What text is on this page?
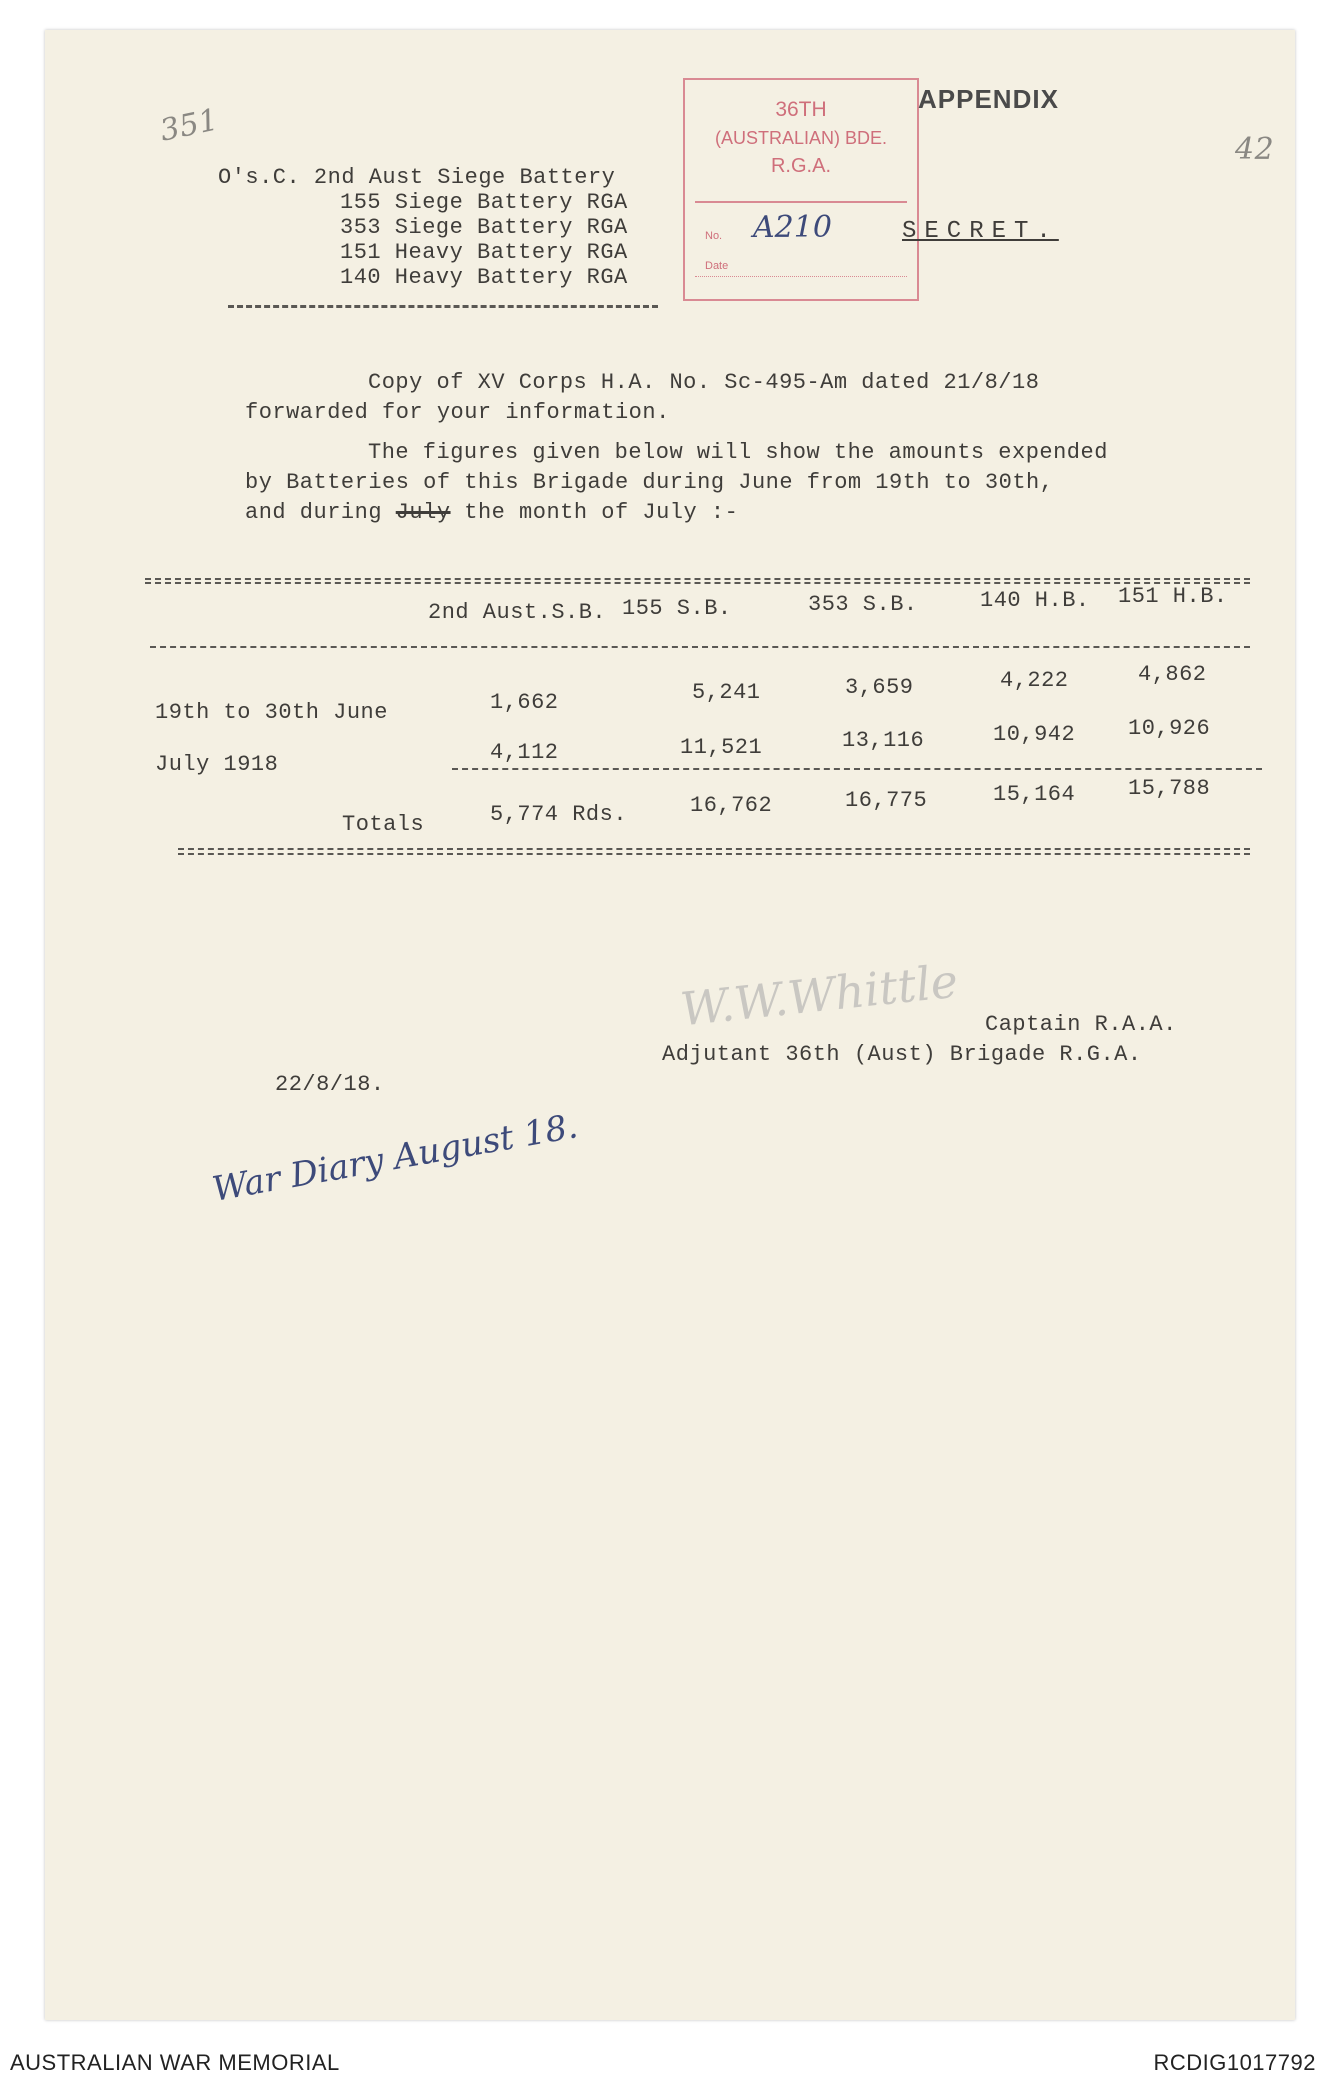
351
42
36TH
(AUSTRALIAN) BDE.
R.G.A.
No. A210
Date
APPENDIX
O's.C. 2nd Aust Siege Battery
155 Siege Battery RGA
353 Siege Battery RGA
151 Heavy Battery RGA
140 Heavy Battery RGA
SECRET.
Copy of XV Corps H.A. No. Sc-495-Am dated 21/8/18
forwarded for your information.
The figures given below will show the amounts expended
by Batteries of this Brigade during June from 19th to 30th,
and during July the month of July :-
2nd Aust.S.B. 155 S.B.	353 S.B.	140 H.B. 151 H.B.
19th to 30th June	1,662	5,241	3,659	4,222	4,862
July 1918	4,112	11,521	13,116	10,942 10,926
Totals	5,774 Rds.	16,762	16,775	15,164 15,788
W.W.Whittle Captain R.A.A.
Adjutant 36th (Aust) Brigade R.G.A.
22/8/18.
War Diary August 18.
AUSTRALIAN WAR MEMORIAL	RCDIG1017792
